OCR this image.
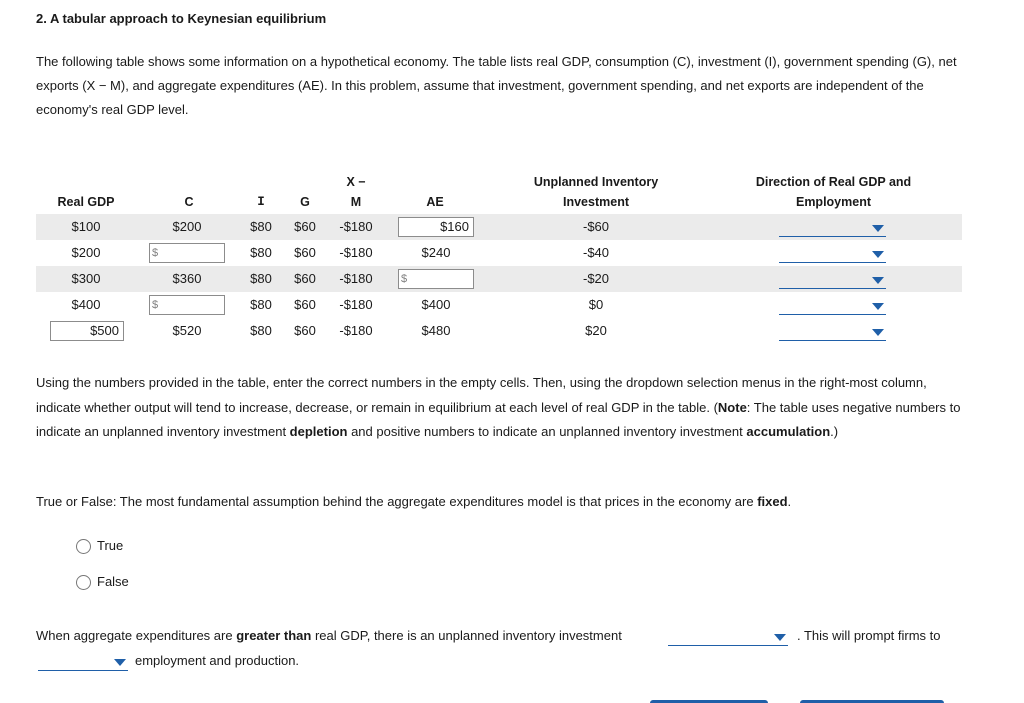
2. A tabular approach to Keynesian equilibrium
The following table shows some information on a hypothetical economy. The table lists real GDP, consumption (C), investment (I), government spending (G), net exports (X − M), and aggregate expenditures (AE). In this problem, assume that investment, government spending, and net exports are independent of the economy's real GDP level.
Real GDP	C	I	G
X −
M	AE
Unplanned Inventory
Investment
Direction of Real GDP and
Employment
$100	$200	$80	$60	-$180	$160	-$60
$200	$	$80	$60	-$180	$240	-$40
$300	$360	$80	$60	-$180	$	-$20
$400	$	$80	$60	-$180	$400	$0
$500	$520	$80	$60	-$180	$480	$20
Using the numbers provided in the table, enter the correct numbers in the empty cells. Then, using the dropdown selection menus in the right-most column, indicate whether output will tend to increase, decrease, or remain in equilibrium at each level of real GDP in the table. (Note: The table uses negative numbers to indicate an unplanned inventory investment depletion and positive numbers to indicate an unplanned inventory investment accumulation.)
True or False: The most fundamental assumption behind the aggregate expenditures model is that prices in the economy are fixed.
True
False
When aggregate expenditures are greater than real GDP, there is an unplanned inventory investment	. This will prompt firms to
employment and production.
